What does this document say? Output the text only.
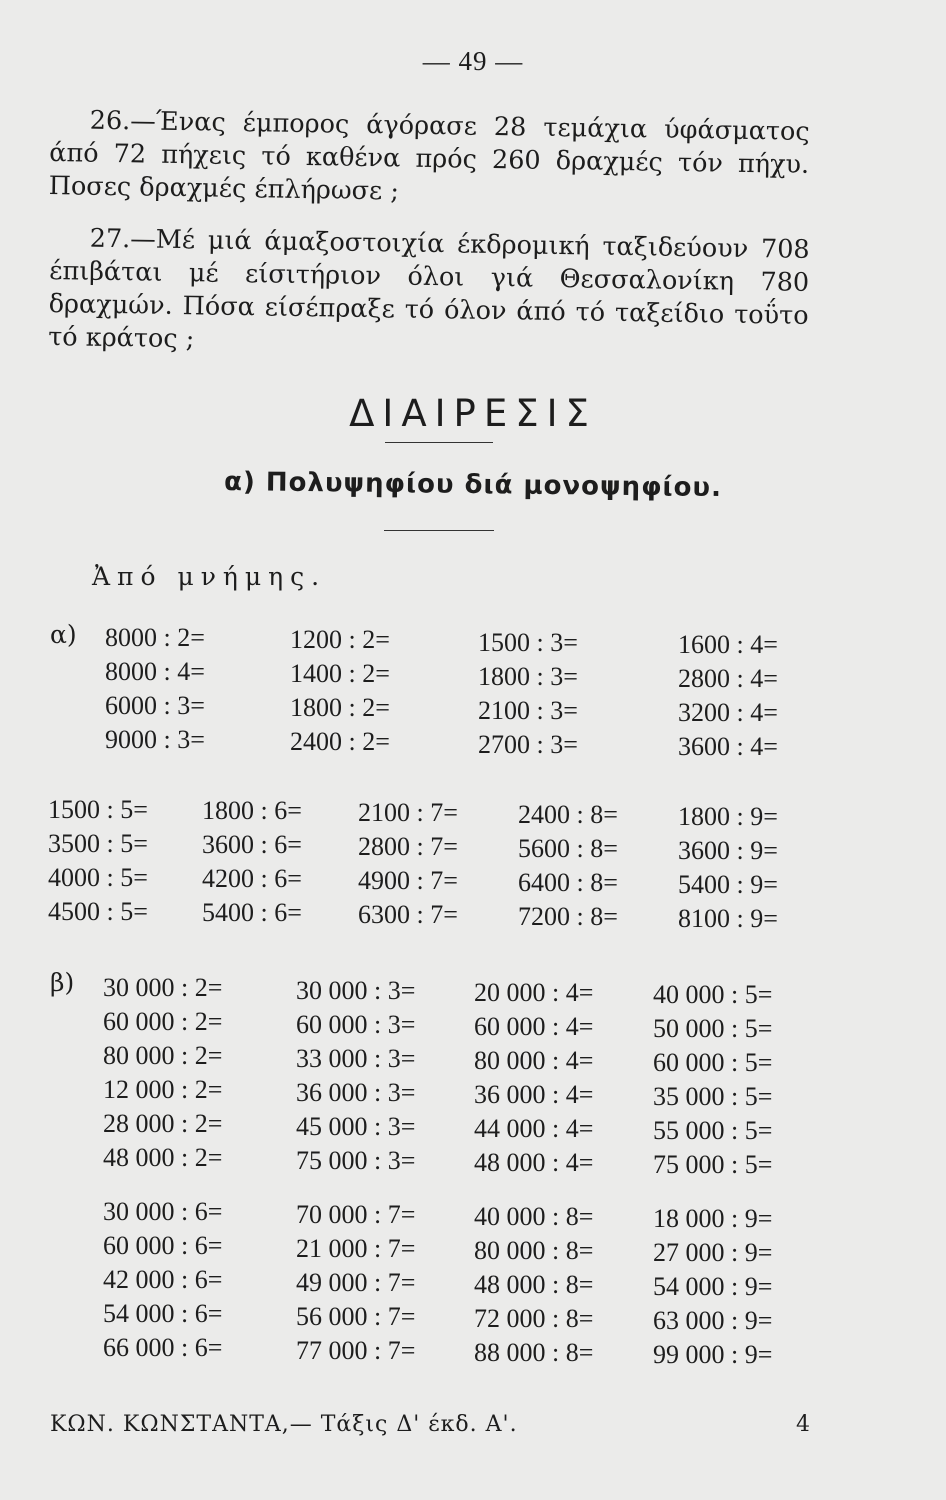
— 49 —

26.—Ένας έμπορος άγόρασε 28 τεμάχια ύφάσματος άπό 72 πήχεις τό καθένα πρός 260 δραχμές τόν πήχυ. Ποσες δραχμές έπλήρωσε ;

27.—Μέ μιά άμαξοστοιχία έκδρομική ταξιδεύουν 708 έπιβάται μέ είσιτήριον όλοι γιά Θεσσαλονίκη 780 δραχμών. Πόσα είσέπραξε τό όλον άπό τό ταξείδιο τοΰτο τό κράτος ;

ΔΙΑΙΡΕΣΙΣ
α) Πολυψηφίου διά μονοψηφίου.
Ἀπό μνήμης.
α)
β)
8000 : 2=
8000 : 4=
6000 : 3=
9000 : 3=
1200 : 2=
1400 : 2=
1800 : 2=
2400 : 2=
1500 : 3=
1800 : 3=
2100 : 3=
2700 : 3=
1600 : 4=
2800 : 4=
3200 : 4=
3600 : 4=
1500 : 5=
3500 : 5=
4000 : 5=
4500 : 5=
1800 : 6=
3600 : 6=
4200 : 6=
5400 : 6=
2100 : 7=
2800 : 7=
4900 : 7=
6300 : 7=
2400 : 8=
5600 : 8=
6400 : 8=
7200 : 8=
1800 : 9=
3600 : 9=
5400 : 9=
8100 : 9=
30 000 : 2=
60 000 : 2=
80 000 : 2=
12 000 : 2=
28 000 : 2=
48 000 : 2=
30 000 : 3=
60 000 : 3=
33 000 : 3=
36 000 : 3=
45 000 : 3=
75 000 : 3=
20 000 : 4=
60 000 : 4=
80 000 : 4=
36 000 : 4=
44 000 : 4=
48 000 : 4=
40 000 : 5=
50 000 : 5=
60 000 : 5=
35 000 : 5=
55 000 : 5=
75 000 : 5=
30 000 : 6=
60 000 : 6=
42 000 : 6=
54 000 : 6=
66 000 : 6=
70 000 : 7=
21 000 : 7=
49 000 : 7=
56 000 : 7=
77 000 : 7=
40 000 : 8=
80 000 : 8=
48 000 : 8=
72 000 : 8=
88 000 : 8=
18 000 : 9=
27 000 : 9=
54 000 : 9=
63 000 : 9=
99 000 : 9=
ΚΩΝ. ΚΩΝΣΤΑΝΤΑ,— Τάξις Δ' έκδ. Α'.	4
